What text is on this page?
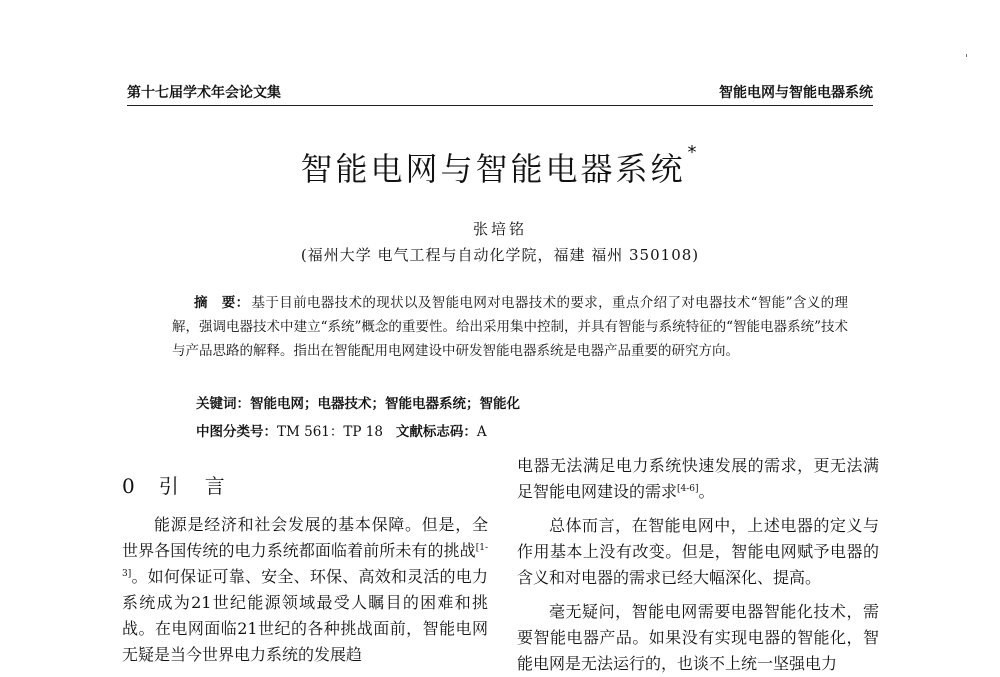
第十七届学术年会论文集	智能电网与智能电器系统
'
智能电网与智能电器系统 *
张培铭
(福州大学 电气工程与自动化学院，福建 福州 350108)
摘　要： 基于目前电器技术的现状以及智能电网对电器技术的要求，重点介绍了对电器技术“智能”含义的理解，强调电器技术中建立“系统”概念的重要性。给出采用集中控制，并具有智能与系统特征的“智能电器系统”技术与产品思路的解释。指出在智能配用电网建设中研发智能电器系统是电器产品重要的研究方向。
关键词：智能电网；电器技术；智能电器系统；智能化
中图分类号：TM 561：TP 18 文献标志码：A
0 引 言

能源是经济和社会发展的基本保障。但是，全世界各国传统的电力系统都面临着前所未有的挑战[1-3]。如何保证可靠、安全、环保、高效和灵活的电力系统成为21世纪能源领域最受人瞩目的困难和挑战。在电网面临21世纪的各种挑战面前，智能电网无疑是当今世界电力系统的发展趋

电器无法满足电力系统快速发展的需求，更无法满足智能电网建设的需求[4-6]。

总体而言，在智能电网中，上述电器的定义与作用基本上没有改变。但是，智能电网赋予电器的含义和对电器的需求已经大幅深化、提高。

毫无疑问，智能电网需要电器智能化技术，需要智能电器产品。如果没有实现电器的智能化，智能电网是无法运行的，也谈不上统一坚强电力
